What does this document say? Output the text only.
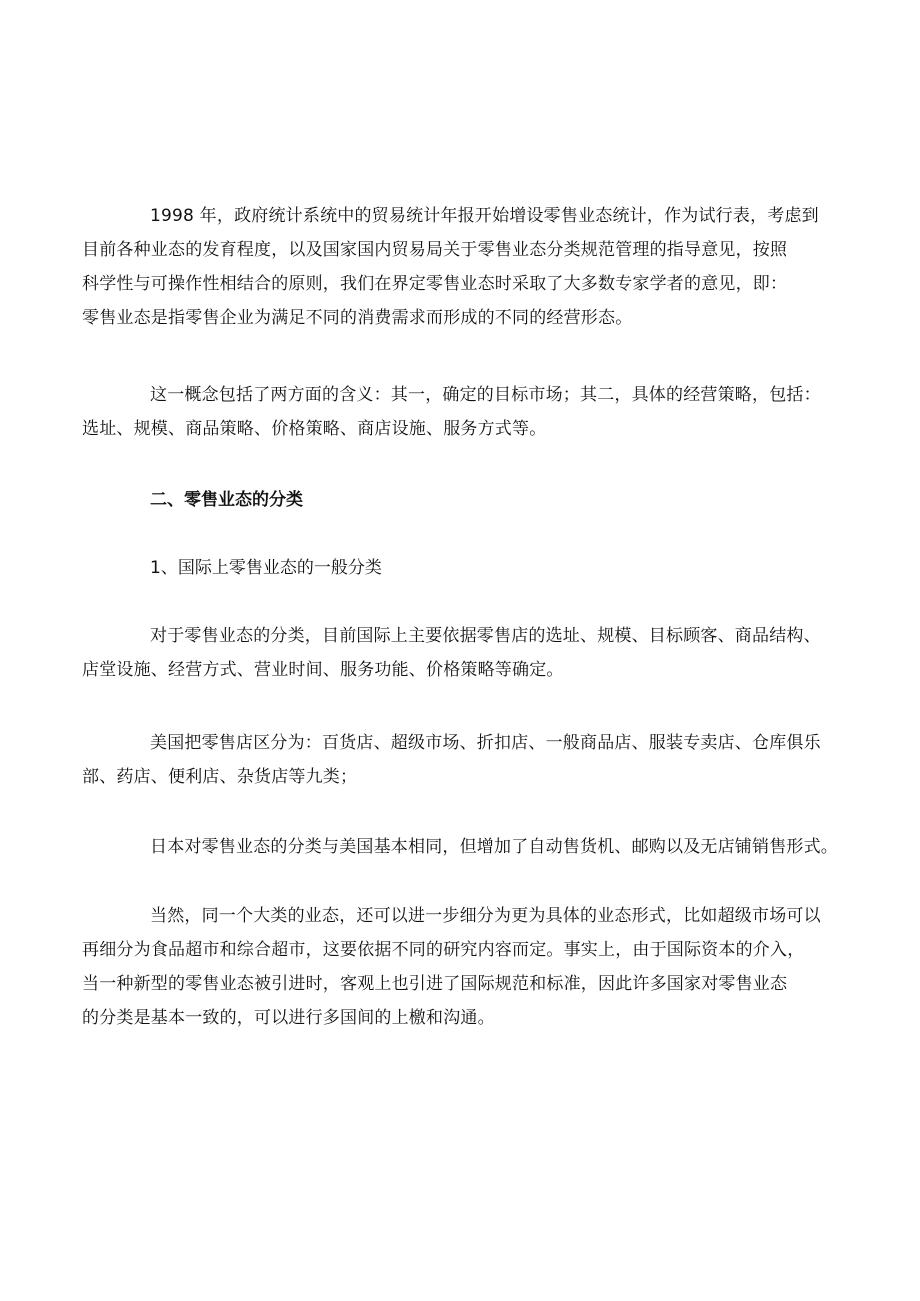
1998 年，政府统计系统中的贸易统计年报开始增设零售业态统计，作为试行表，考虑到
目前各种业态的发育程度，以及国家国内贸易局关于零售业态分类规范管理的指导意见，按照
科学性与可操作性相结合的原则，我们在界定零售业态时采取了大多数专家学者的意见，即：
零售业态是指零售企业为满足不同的消费需求而形成的不同的经营形态。
这一概念包括了两方面的含义：其一，确定的目标市场；其二，具体的经营策略，包括：
选址、规模、商品策略、价格策略、商店设施、服务方式等。
二、零售业态的分类
1、国际上零售业态的一般分类
对于零售业态的分类，目前国际上主要依据零售店的选址、规模、目标顾客、商品结构、
店堂设施、经营方式、营业时间、服务功能、价格策略等确定。
美国把零售店区分为：百货店、超级市场、折扣店、一般商品店、服装专卖店、仓库俱乐
部、药店、便利店、杂货店等九类；
日本对零售业态的分类与美国基本相同，但增加了自动售货机、邮购以及无店铺销售形式。
当然，同一个大类的业态，还可以进一步细分为更为具体的业态形式，比如超级市场可以
再细分为食品超市和综合超市，这要依据不同的研究内容而定。事实上，由于国际资本的介入，
当一种新型的零售业态被引进时，客观上也引进了国际规范和标准，因此许多国家对零售业态
的分类是基本一致的，可以进行多国间的上檄和沟通。
